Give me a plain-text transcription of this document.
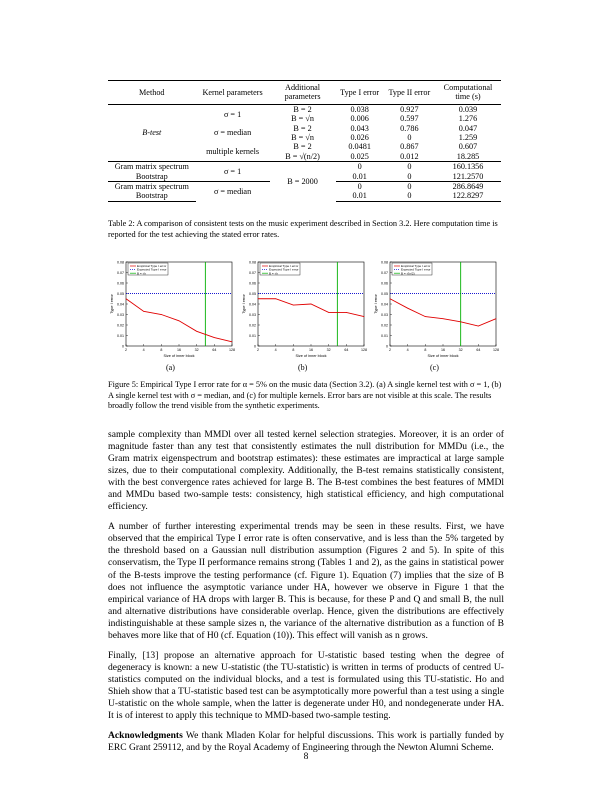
Method	Kernel parameters	Additional parameters	Type I error	Type II error	Computational time (s)
B-test	σ = 1	B = 2	0.038	0.927	0.039
		B = √n	0.006	0.597	1.276
	σ = median	B = 2	0.043	0.786	0.047
		B = √n	0.026	0	1.259
	multiple kernels	B = 2	0.0481	0.867	0.607
		B = √(n/2)	0.025	0.012	18.285
Gram matrix spectrum	σ = 1	B = 2000	0	0	160.1356
Bootstrap			0.01	0	121.2570
Gram matrix spectrum	σ = median		0	0	286.8649
Bootstrap			0.01	0	122.8297
Table 2: A comparison of consistent tests on the music experiment described in Section 3.2. Here computation time is reported for the test achieving the stated error rates.
0
0.01
0.02
0.03
0.04
0.05
0.06
0.07
0.08
2	4	8	16	32	64	128
Size of inner block
Type I error
Empirical Type I error
Expected Type I error
B = √n
0
0.01
0.02
0.03
0.04
0.05
0.06
0.07
0.08
2	4	8	16	32	64	128
Size of inner block
Type I error
Empirical Type I error
Expected Type I error
B = √n
0
0.01
0.02
0.03
0.04
0.05
0.06
0.07
0.08
2	4	8	16	32	64	128
Size of inner block
Type I error
Empirical Type I error
Expected Type I error
B = √(n/2)
(a)	(b)	(c)
Figure 5: Empirical Type I error rate for α = 5% on the music data (Section 3.2). (a) A single kernel test with σ = 1, (b) A single kernel test with σ = median, and (c) for multiple kernels. Error bars are not visible at this scale. The results broadly follow the trend visible from the synthetic experiments.

sample complexity than MMDl over all tested kernel selection strategies. Moreover, it is an order of magnitude faster than any test that consistently estimates the null distribution for MMDu (i.e., the Gram matrix eigenspectrum and bootstrap estimates): these estimates are impractical at large sample sizes, due to their computational complexity. Additionally, the B-test remains statistically consistent, with the best convergence rates achieved for large B. The B-test combines the best features of MMDl and MMDu based two-sample tests: consistency, high statistical efficiency, and high computational efficiency.

A number of further interesting experimental trends may be seen in these results. First, we have observed that the empirical Type I error rate is often conservative, and is less than the 5% targeted by the threshold based on a Gaussian null distribution assumption (Figures 2 and 5). In spite of this conservatism, the Type II performance remains strong (Tables 1 and 2), as the gains in statistical power of the B-tests improve the testing performance (cf. Figure 1). Equation (7) implies that the size of B does not influence the asymptotic variance under HA, however we observe in Figure 1 that the empirical variance of HA drops with larger B. This is because, for these P and Q and small B, the null and alternative distributions have considerable overlap. Hence, given the distributions are effectively indistinguishable at these sample sizes n, the variance of the alternative distribution as a function of B behaves more like that of H0 (cf. Equation (10)). This effect will vanish as n grows.

Finally, [13] propose an alternative approach for U-statistic based testing when the degree of degeneracy is known: a new U-statistic (the TU-statistic) is written in terms of products of centred U-statistics computed on the individual blocks, and a test is formulated using this TU-statistic. Ho and Shieh show that a TU-statistic based test can be asymptotically more powerful than a test using a single U-statistic on the whole sample, when the latter is degenerate under H0, and nondegenerate under HA. It is of interest to apply this technique to MMD-based two-sample testing.

Acknowledgments We thank Mladen Kolar for helpful discussions. This work is partially funded by ERC Grant 259112, and by the Royal Academy of Engineering through the Newton Alumni Scheme.

8
